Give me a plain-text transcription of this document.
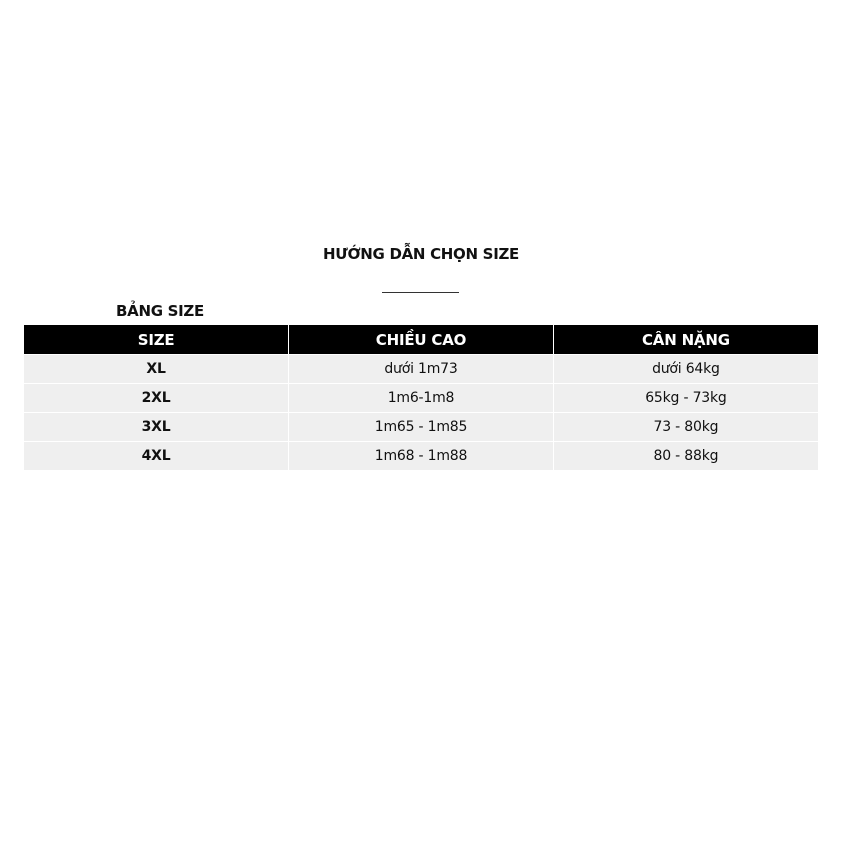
HƯỚNG DẪN CHỌN SIZE
BẢNG SIZE
SIZE	CHIỀU CAO	CÂN NẶNG
XL	dưới 1m73	dưới 64kg
2XL	1m6-1m8	65kg - 73kg
3XL	1m65 - 1m85	73 - 80kg
4XL	1m68 - 1m88	80 - 88kg
